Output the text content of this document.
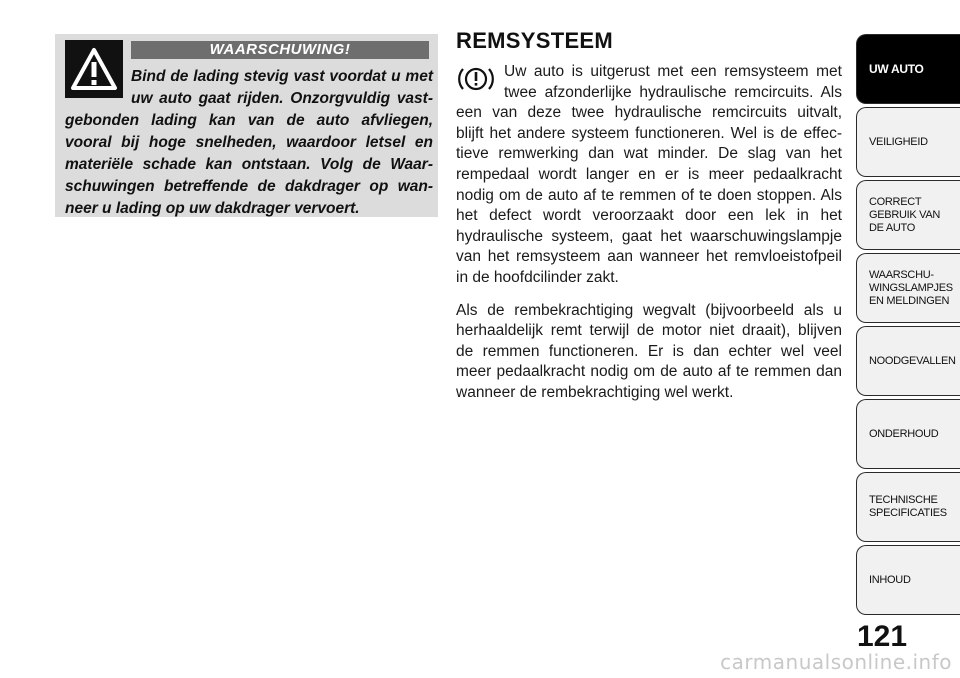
WAARSCHUWING!
Bind de lading stevig vast voordat u met
uw auto gaat rijden. Onzorgvuldig vast-
gebonden lading kan van de auto afvliegen,
vooral bij hoge snelheden, waardoor letsel en
materiële schade kan ontstaan. Volg de Waar-
schuwingen betreffende de dakdrager op wan-
neer u lading op uw dakdrager vervoert.
REMSYSTEEM
Uw auto is uitgerust met een remsysteem met
twee afzonderlijke hydraulische remcircuits. Als
een van deze twee hydraulische remcircuits uitvalt,
blijft het andere systeem functioneren. Wel is de effec-
tieve remwerking dan wat minder. De slag van het
rempedaal wordt langer en er is meer pedaalkracht
nodig om de auto af te remmen of te doen stoppen. Als
het defect wordt veroorzaakt door een lek in het
hydraulische systeem, gaat het waarschuwingslampje
van het remsysteem aan wanneer het remvloeistofpeil
in de hoofdcilinder zakt.
Als de rembekrachtiging wegvalt (bijvoorbeeld als u
herhaaldelijk remt terwijl de motor niet draait), blijven
de remmen functioneren. Er is dan echter wel veel
meer pedaalkracht nodig om de auto af te remmen dan
wanneer de rembekrachtiging wel werkt.
UW AUTO
VEILIGHEID
CORRECT GEBRUIK VAN DE AUTO
WAARSCHU-WINGSLAMPJES EN MELDINGEN
NOODGEVALLEN
ONDERHOUD
TECHNISCHE SPECIFICATIES
INHOUD
121
carmanualsonline.info
